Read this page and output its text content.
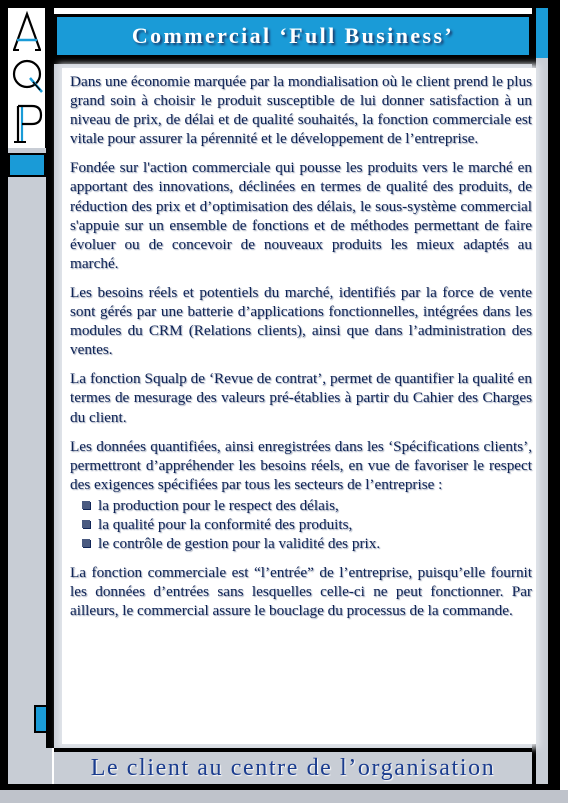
Commercial ‘Full Business’

Dans une économie marquée par la mondialisation où le client prend le plus grand soin à choisir le produit susceptible de lui donner satisfaction à un niveau de prix, de délai et de qualité souhaités, la fonction commerciale est vitale pour assurer la pérennité et le développement de l’entreprise.

Fondée sur l'action commerciale qui pousse les produits vers le marché en apportant des innovations, déclinées en termes de qualité des produits, de réduction des prix et d’optimisation des délais, le sous-système commercial s'appuie sur un ensemble de fonctions et de méthodes permettant de faire évoluer ou de concevoir de nouveaux produits les mieux adaptés au marché.

Les besoins réels et potentiels du marché, identifiés par la force de vente sont gérés par une batterie d’applications fonctionnelles, intégrées dans les modules du CRM (Relations clients), ainsi que dans l’administration des ventes.

La fonction Squalp de ‘Revue de contrat’, permet de quantifier la qualité en termes de mesurage des valeurs pré-établies à partir du Cahier des Charges du client.

Les données quantifiées, ainsi enregistrées dans les ‘Spécifications clients’, permettront d’appréhender les besoins réels, en vue de favoriser le respect des exigences spécifiées par tous les secteurs de l’entreprise :

la production pour le respect des délais,
la qualité pour la conformité des produits,
le contrôle de gestion pour la validité des prix.

La fonction commerciale est “l’entrée” de l’entreprise, puisqu’elle fournit les données d’entrées sans lesquelles celle-ci ne peut fonctionner. Par ailleurs, le commercial assure le bouclage du processus de la commande.

Le client au centre de l’organisation
